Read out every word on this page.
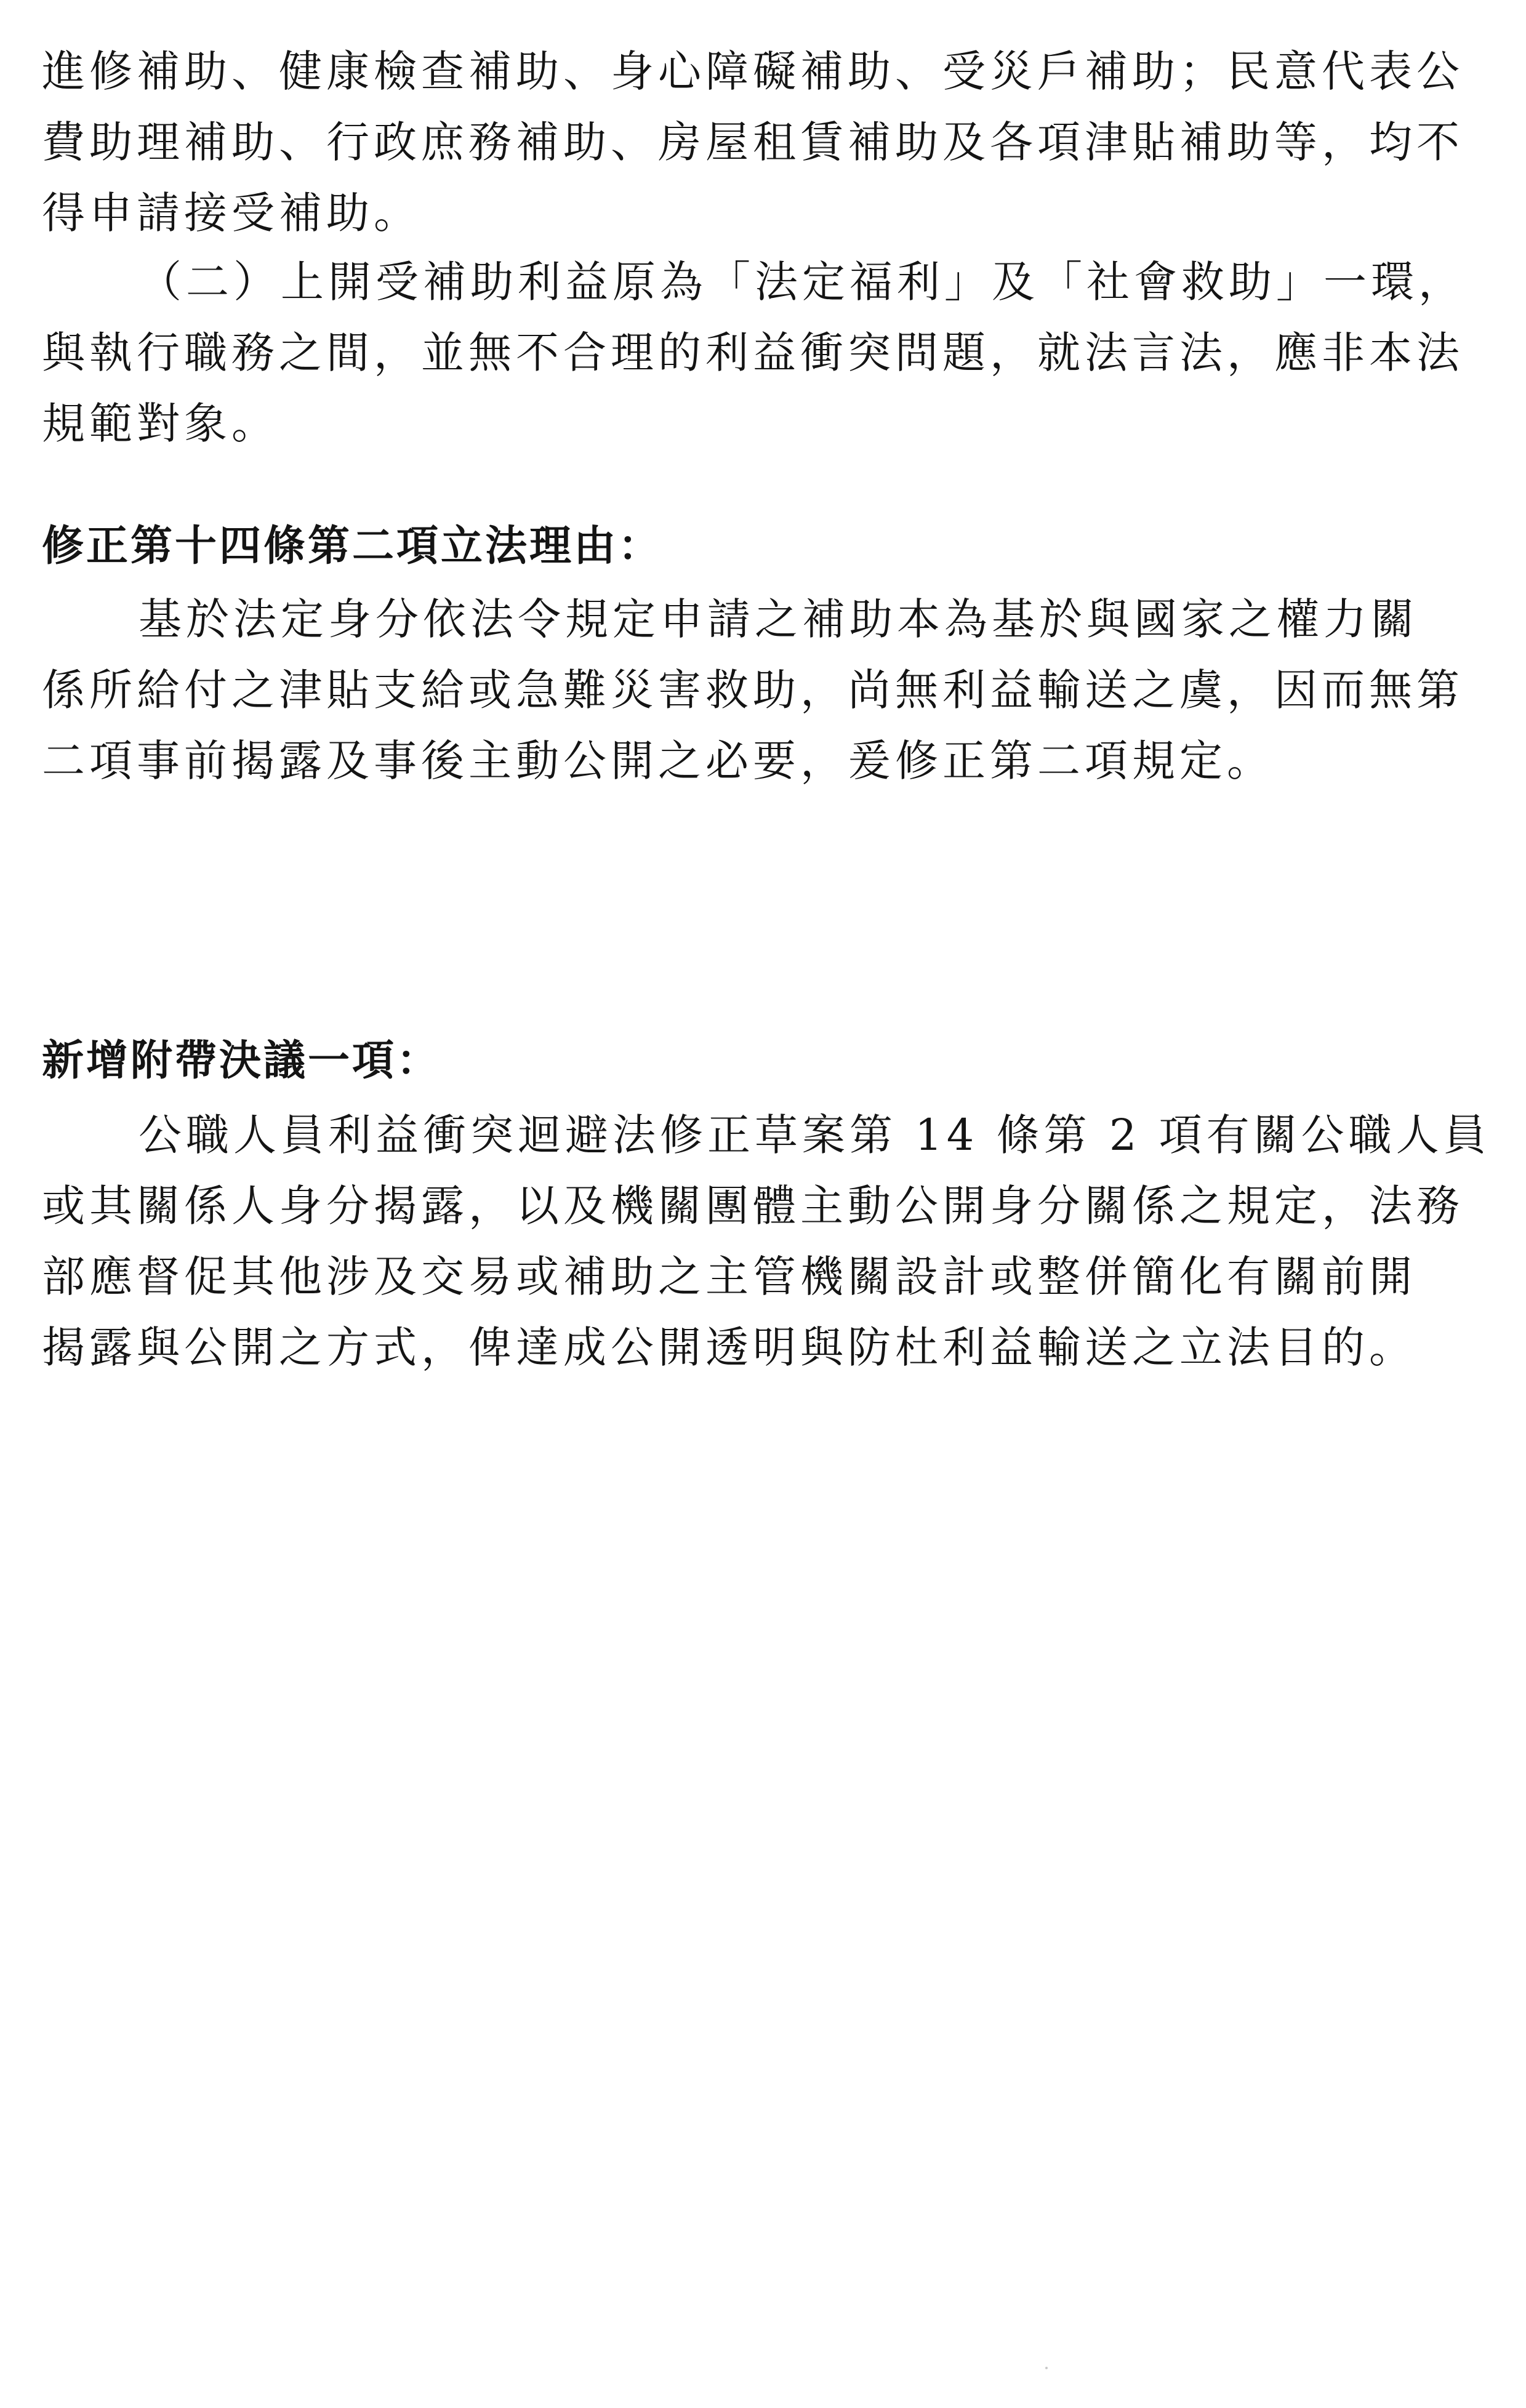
進修補助、健康檢查補助、身心障礙補助、受災戶補助；民意代表公
費助理補助、行政庶務補助、房屋租賃補助及各項津貼補助等，均不
得申請接受補助。
（二）上開受補助利益原為「法定福利」及「社會救助」一環，
與執行職務之間，並無不合理的利益衝突問題，就法言法，應非本法
規範對象。
修正第十四條第二項立法理由：
基於法定身分依法令規定申請之補助本為基於與國家之權力關
係所給付之津貼支給或急難災害救助，尚無利益輸送之虞，因而無第
二項事前揭露及事後主動公開之必要，爰修正第二項規定。
新增附帶決議一項：
公職人員利益衝突迴避法修正草案第 14 條第 2 項有關公職人員
或其關係人身分揭露，以及機關團體主動公開身分關係之規定，法務
部應督促其他涉及交易或補助之主管機關設計或整併簡化有關前開
揭露與公開之方式，俾達成公開透明與防杜利益輸送之立法目的。
